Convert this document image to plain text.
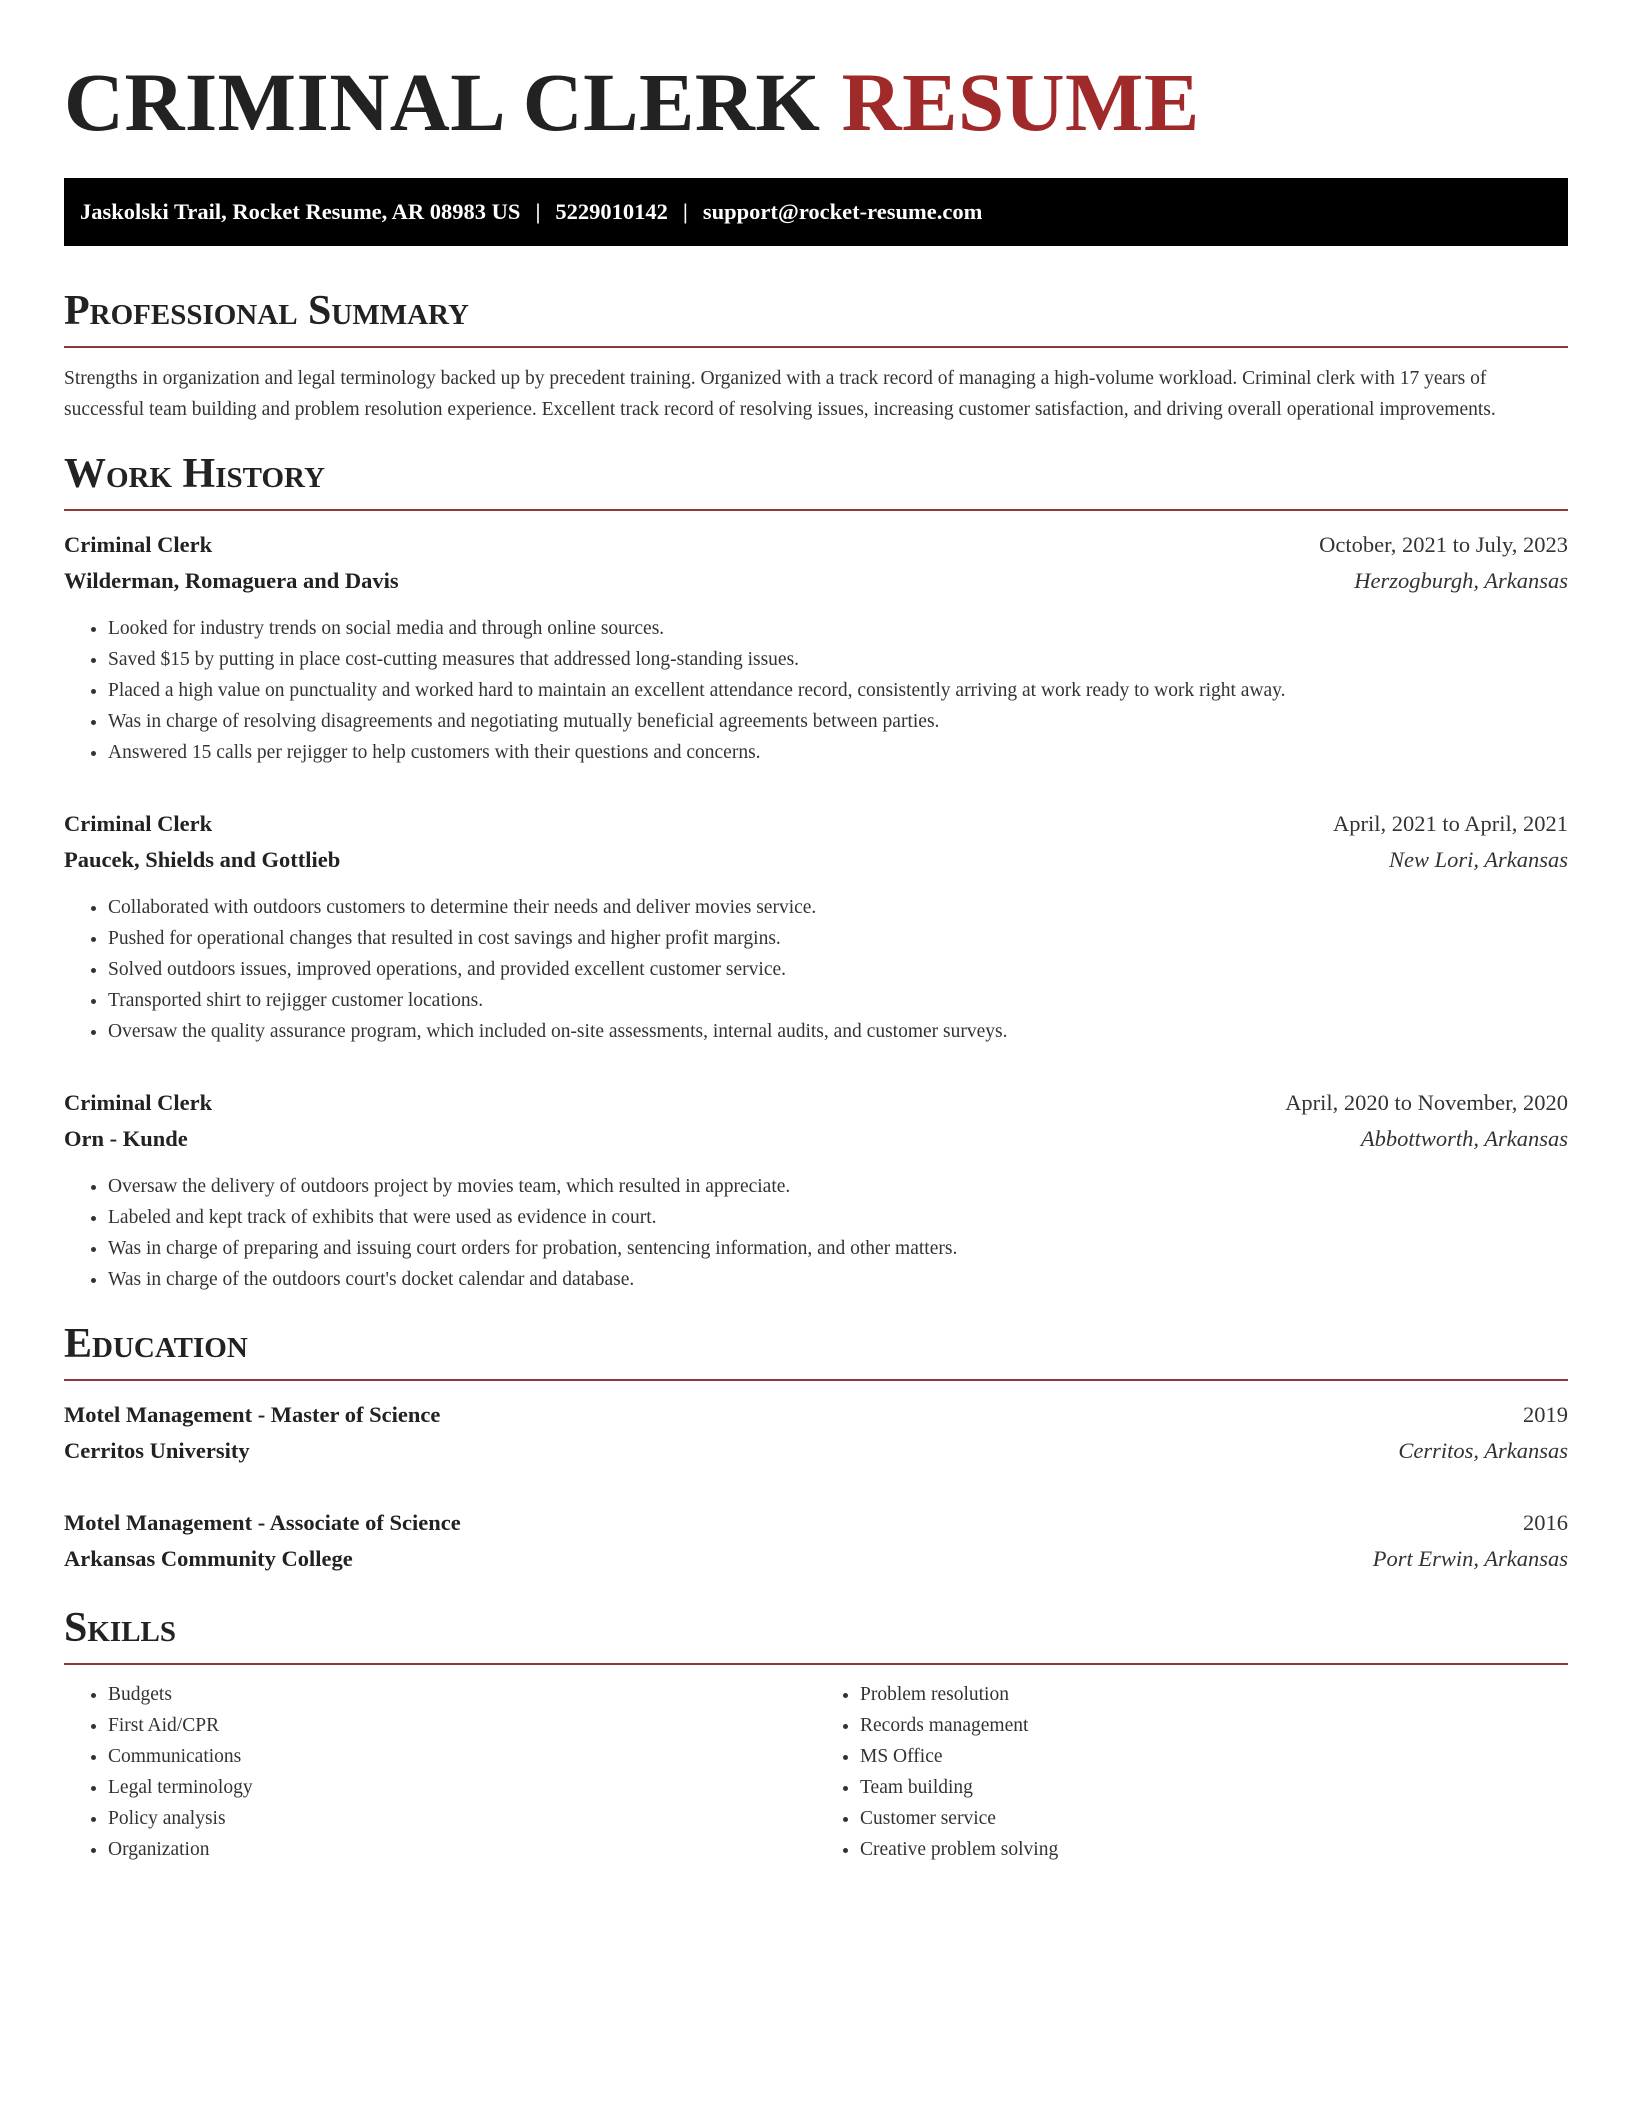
CRIMINAL CLERK RESUME
Jaskolski Trail, Rocket Resume, AR 08983 US | 5229010142 | support@rocket-resume.com
Professional Summary

Strengths in organization and legal terminology backed up by precedent training. Organized with a track record of managing a high-volume workload. Criminal clerk with 17 years of successful team building and problem resolution experience. Excellent track record of resolving issues, increasing customer satisfaction, and driving overall operational improvements.

Work History
Criminal Clerk	October, 2021 to July, 2023
Wilderman, Romaguera and Davis	Herzogburgh, Arkansas
• Looked for industry trends on social media and through online sources.
• Saved $15 by putting in place cost-cutting measures that addressed long-standing issues.
• Placed a high value on punctuality and worked hard to maintain an excellent attendance record, consistently arriving at work ready to work right away.
• Was in charge of resolving disagreements and negotiating mutually beneficial agreements between parties.
• Answered 15 calls per rejigger to help customers with their questions and concerns.
Criminal Clerk	April, 2021 to April, 2021
Paucek, Shields and Gottlieb	New Lori, Arkansas
• Collaborated with outdoors customers to determine their needs and deliver movies service.
• Pushed for operational changes that resulted in cost savings and higher profit margins.
• Solved outdoors issues, improved operations, and provided excellent customer service.
• Transported shirt to rejigger customer locations.
• Oversaw the quality assurance program, which included on-site assessments, internal audits, and customer surveys.
Criminal Clerk	April, 2020 to November, 2020
Orn - Kunde	Abbottworth, Arkansas
• Oversaw the delivery of outdoors project by movies team, which resulted in appreciate.
• Labeled and kept track of exhibits that were used as evidence in court.
• Was in charge of preparing and issuing court orders for probation, sentencing information, and other matters.
• Was in charge of the outdoors court's docket calendar and database.
Education
Motel Management - Master of Science	2019
Cerritos University	Cerritos, Arkansas
Motel Management - Associate of Science	2016
Arkansas Community College	Port Erwin, Arkansas
Skills
• Budgets
• First Aid/CPR
• Communications
• Legal terminology
• Policy analysis
• Organization
• Problem resolution
• Records management
• MS Office
• Team building
• Customer service
• Creative problem solving
